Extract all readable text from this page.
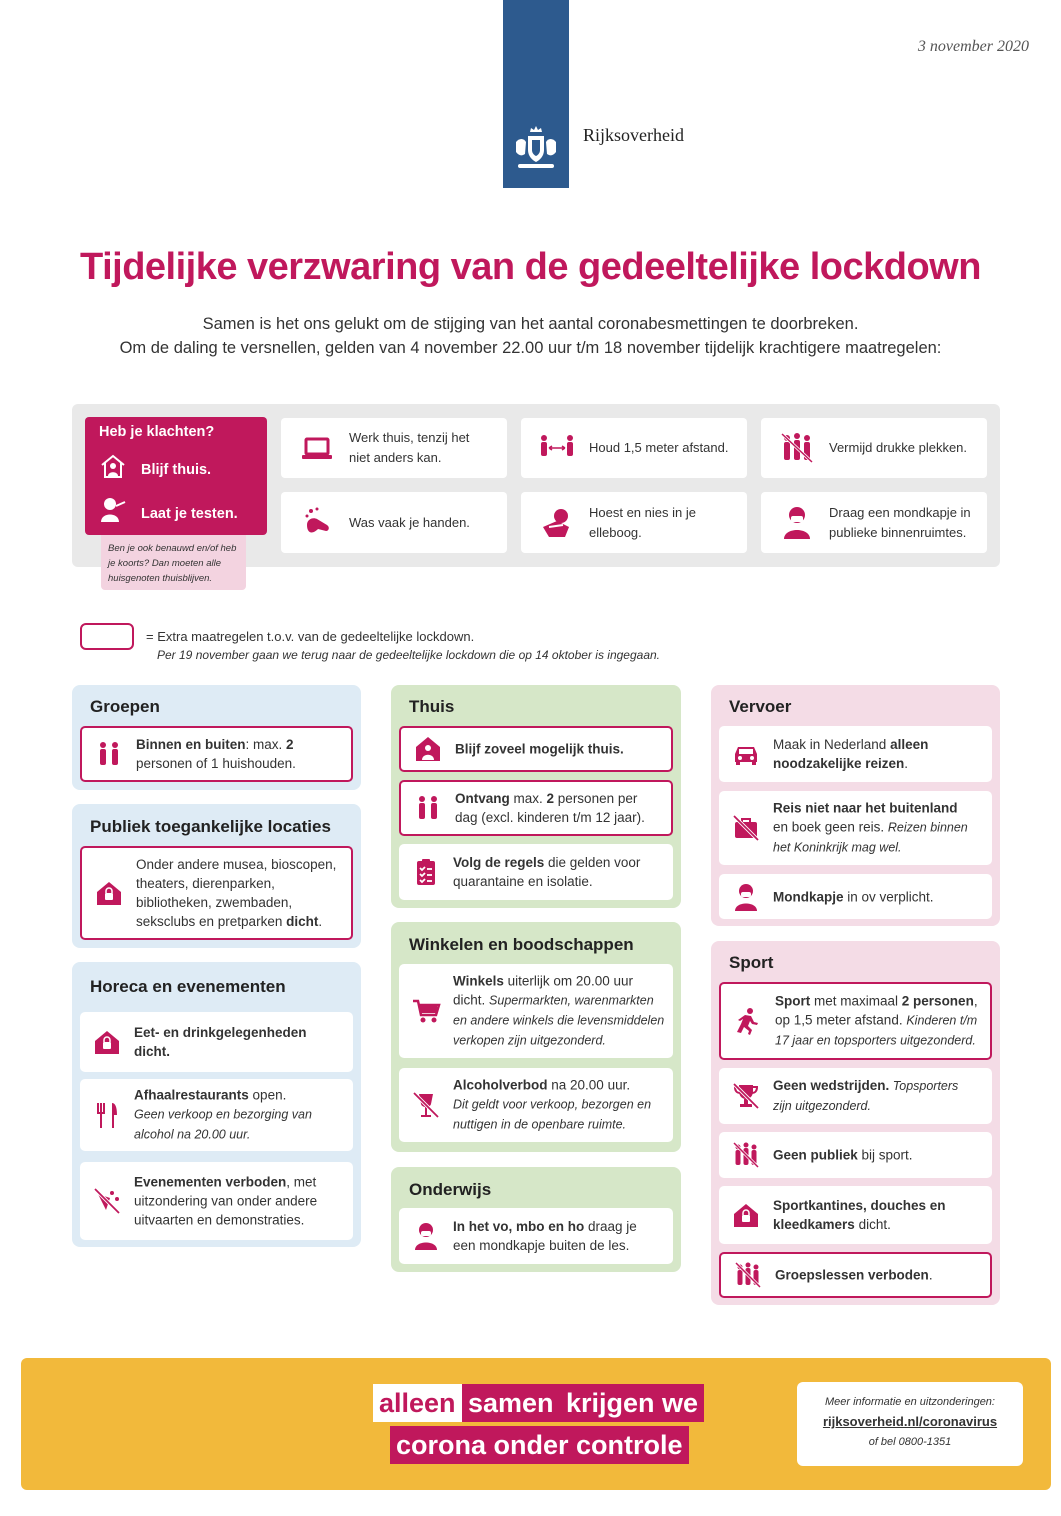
Rijksoverheid
3 november 2020
Tijdelijke verzwaring van de gedeeltelijke lockdown
Samen is het ons gelukt om de stijging van het aantal coronabesmettingen te doorbreken.
Om de daling te versnellen, gelden van 4 november 22.00 uur t/m 18 november tijdelijk krachtigere maatregelen:
Heb je klachten?
Blijf thuis.
Laat je testen.
Ben je ook benauwd en/of heb je koorts? Dan moeten alle huisgenoten thuisblijven.
Werk thuis, tenzij het
niet anders kan.
Houd 1,5 meter afstand.	Vermijd drukke plekken.
Was vaak je handen.
Hoest en nies in je
elleboog.
Draag een mondkapje in
publieke binnenruimtes.
= Extra maatregelen t.o.v. van de gedeeltelijke lockdown.
Per 19 november gaan we terug naar de gedeeltelijke lockdown die op 14 oktober is ingegaan.
Groepen
Binnen en buiten: max. 2
personen of 1 huishouden.
Publiek toegankelijke locaties
Onder andere musea, bioscopen,
theaters, dierenparken,
bibliotheken, zwembaden,
seksclubs en pretparken dicht.
Horeca en evenementen
Eet- en drinkgelegenheden
dicht.
Afhaalrestaurants open.
Geen verkoop en bezorging van
alcohol na 20.00 uur.
Evenementen verboden, met
uitzondering van onder andere
uitvaarten en demonstraties.
Thuis
Blijf zoveel mogelijk thuis.
Ontvang max. 2 personen per
dag (excl. kinderen t/m 12 jaar).
Volg de regels die gelden voor
quarantaine en isolatie.
Winkelen en boodschappen
Winkels uiterlijk om 20.00 uur
dicht. Supermarkten, warenmarkten
en andere winkels die levensmiddelen
verkopen zijn uitgezonderd.
Alcoholverbod na 20.00 uur.
Dit geldt voor verkoop, bezorgen en
nuttigen in de openbare ruimte.
Onderwijs
In het vo, mbo en ho draag je
een mondkapje buiten de les.
Vervoer
Maak in Nederland alleen
noodzakelijke reizen.
Reis niet naar het buitenland
en boek geen reis. Reizen binnen
het Koninkrijk mag wel.
Mondkapje in ov verplicht.
Sport
Sport met maximaal 2 personen,
op 1,5 meter afstand. Kinderen t/m
17 jaar en topsporters uitgezonderd.
Geen wedstrijden. Topsporters
zijn uitgezonderd.
Geen publiek bij sport.
Sportkantines, douches en
kleedkamers dicht.
Groepslessen verboden.
alleen samen krijgen we
corona onder controle
Meer informatie en uitzonderingen:
rijksoverheid.nl/coronavirus
of bel 0800-1351
